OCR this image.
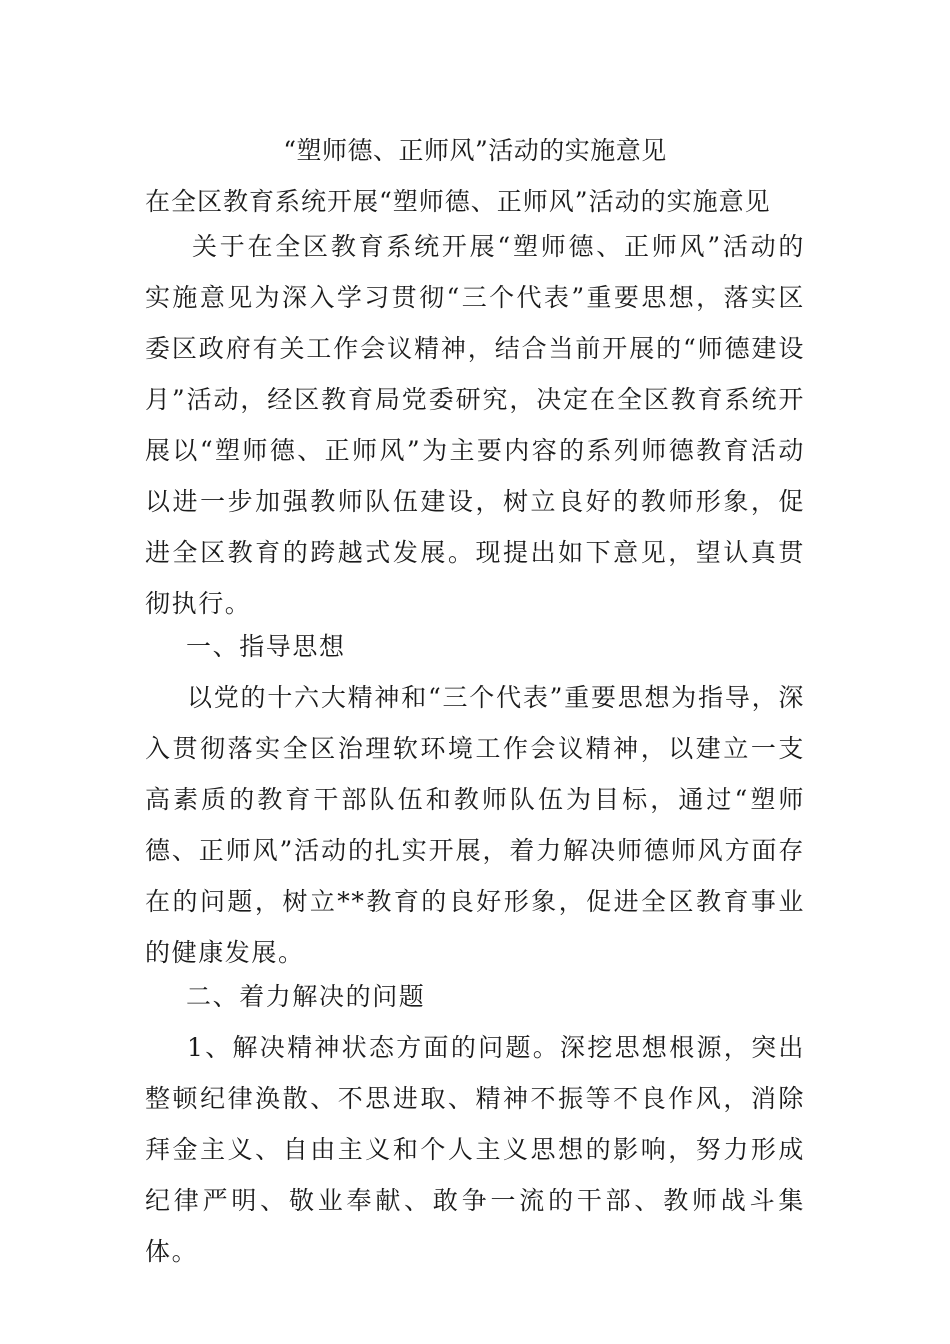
“塑师德、正师风”活动的实施意见
在全区教育系统开展“塑师德、正师风”活动的实施意见

关于在全区教育系统开展“塑师德、正师风”活动的实施意见为深入学习贯彻“三个代表”重要思想，落实区委区政府有关工作会议精神，结合当前开展的“师德建设月”活动，经区教育局党委研究，决定在全区教育系统开展以“塑师德、正师风”为主要内容的系列师德教育活动以进一步加强教师队伍建设，树立良好的教师形象，促进全区教育的跨越式发展。现提出如下意见，望认真贯彻执行。

一、指导思想

以党的十六大精神和“三个代表”重要思想为指导，深入贯彻落实全区治理软环境工作会议精神，以建立一支高素质的教育干部队伍和教师队伍为目标，通过“塑师德、正师风”活动的扎实开展，着力解决师德师风方面存在的问题，树立**教育的良好形象，促进全区教育事业的健康发展。

二、着力解决的问题

1、解决精神状态方面的问题。深挖思想根源，突出整顿纪律涣散、不思进取、精神不振等不良作风，消除拜金主义、自由主义和个人主义思想的影响，努力形成纪律严明、敬业奉献、敢争一流的干部、教师战斗集体。
